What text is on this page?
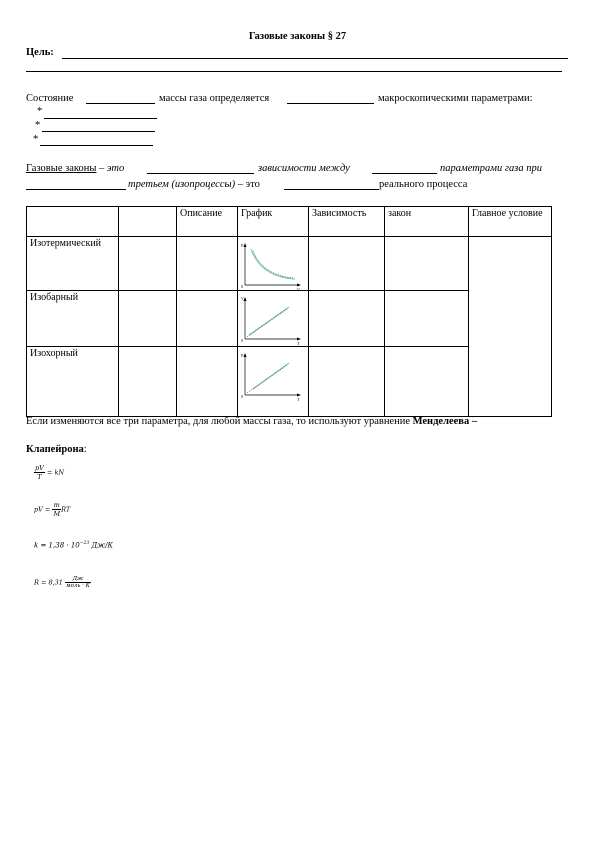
Газовые законы § 27
Цель:
Состояние	массы газа определяется	макроскопическими параметрами:
*
*
*
Газовые законы – это	зависимости между	параметрами газа при
третьем (изопроцессы) – это	реального процесса
		Описание	График	Зависимость	закон	Главное условие
Изотермический			p
V
0			

Изобарный			V
T
0			

Изохорный			p
T
0			

Если изменяются все три параметра, для любой массы газа, то используют уравнение Менделеева –
Клапейрона:
$\frac{pV}{T}$ = kN
pV = $\frac{m}{M}$ RT
$k = 1,38 \cdot 10^{-23}$ Дж/К
$R = 8,31 \frac{Дж}{\text{моль · К}}$
